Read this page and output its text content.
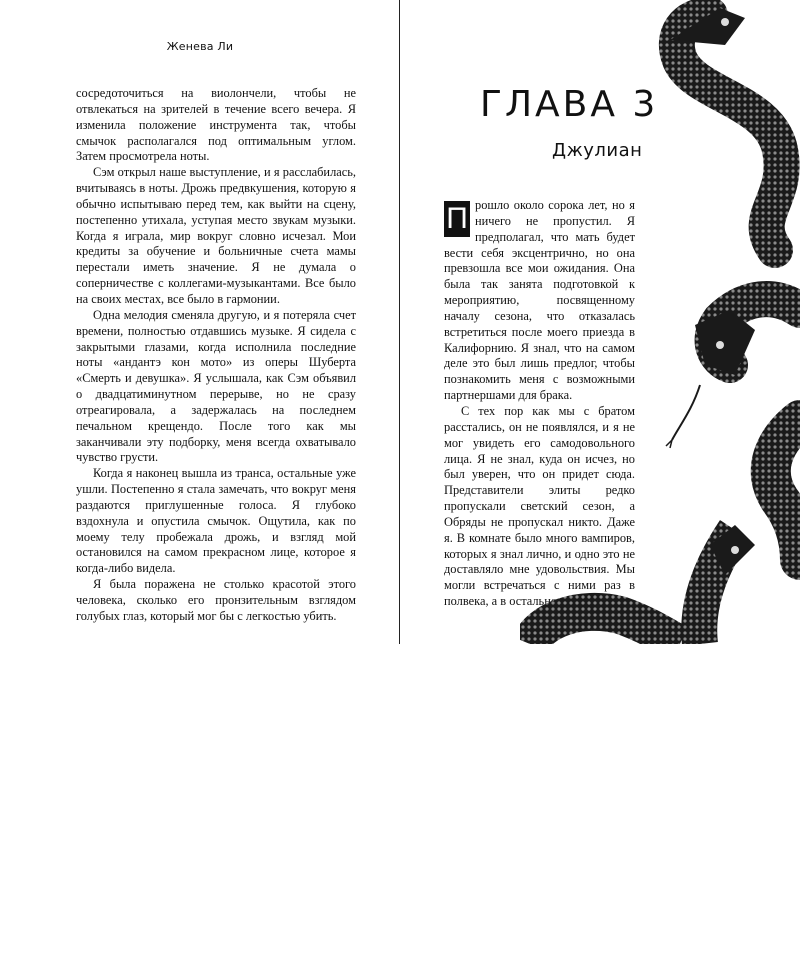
Женева Ли

сосредоточиться на виолончели, чтобы не отвлекаться на зрителей в течение всего вечера. Я изменила положение инструмента так, чтобы смычок располагался под оптимальным углом. Затем просмотрела ноты.

Сэм открыл наше выступление, и я расслабилась, вчитываясь в ноты. Дрожь предвкушения, которую я обычно испытываю перед тем, как выйти на сцену, постепенно утихала, уступая место звукам музыки. Когда я играла, мир вокруг словно исчезал. Мои кредиты за обучение и больничные счета мамы перестали иметь значение. Я не думала о соперничестве с коллегами-музыкантами. Все было на своих местах, все было в гармонии.

Одна мелодия сменяла другую, и я потеряла счет времени, полностью отдавшись музыке. Я сидела с закрытыми глазами, когда исполнила последние ноты «андантэ кон мото» из оперы Шуберта «Смерть и девушка». Я услышала, как Сэм объявил о двадцатиминутном перерыве, но не сразу отреагировала, а задержалась на последнем печальном крещендо. После того как мы заканчивали эту подборку, меня всегда охватывало чувство грусти.

Когда я наконец вышла из транса, остальные уже ушли. Постепенно я стала замечать, что вокруг меня раздаются приглушенные голоса. Я глубоко вздохнула и опустила смычок. Ощутила, как по моему телу пробежала дрожь, и взгляд мой остановился на самом прекрасном лице, которое я когда-либо видела.

Я была поражена не столько красотой этого человека, сколько его пронзительным взглядом голубых глаз, который мог бы с легкостью убить.

ГЛАВА 3
Джулиан

П рошло около сорока лет, но я ничего не пропустил. Я предполагал, что мать будет вести себя эксцентрично, но она превзошла все мои ожидания. Она была так занята подготовкой к мероприятию, посвященному началу сезона, что отказалась встретиться после моего приезда в Калифорнию. Я знал, что на самом деле это был лишь предлог, чтобы познакомить меня с возможными партнершами для брака.

С тех пор как мы с братом расстались, он не появлялся, и я не мог увидеть его самодовольного лица. Я не знал, куда он исчез, но был уверен, что он придет сюда. Представители элиты редко пропускали светский сезон, а Обряды не пропускал никто. Даже я. В комнате было много вампиров, которых я знал лично, и одно это не доставляло мне удовольствия. Мы могли встречаться с ними раз в полвека, а в остальное время тусо-
